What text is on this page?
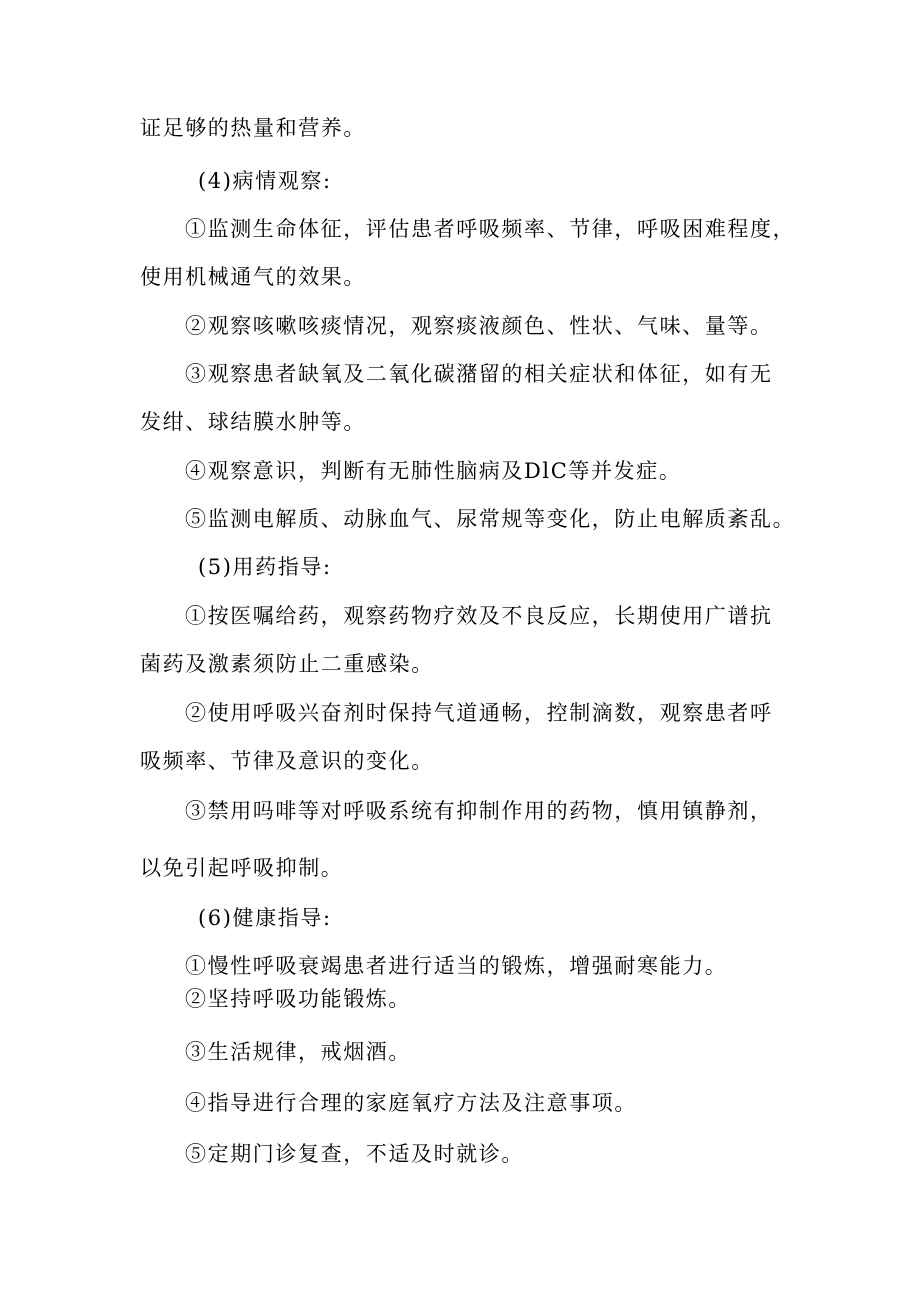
证足够的热量和营养。

(4)病情观察:

①监测生命体征，评估患者呼吸频率、节律，呼吸困难程度，

使用机械通气的效果。

②观察咳嗽咳痰情况，观察痰液颜色、性状、气味、量等。

③观察患者缺氧及二氧化碳潴留的相关症状和体征，如有无

发绀、球结膜水肿等。

④观察意识，判断有无肺性脑病及DlC等并发症。

⑤监测电解质、动脉血气、尿常规等变化，防止电解质紊乱。

(5)用药指导:

①按医嘱给药，观察药物疗效及不良反应，长期使用广谱抗

菌药及激素须防止二重感染。

②使用呼吸兴奋剂时保持气道通畅，控制滴数，观察患者呼

吸频率、节律及意识的变化。

③禁用吗啡等对呼吸系统有抑制作用的药物，慎用镇静剂，

以免引起呼吸抑制。

(6)健康指导:

①慢性呼吸衰竭患者进行适当的锻炼，增强耐寒能力。

②坚持呼吸功能锻炼。

③生活规律，戒烟酒。

④指导进行合理的家庭氧疗方法及注意事项。

⑤定期门诊复查，不适及时就诊。
